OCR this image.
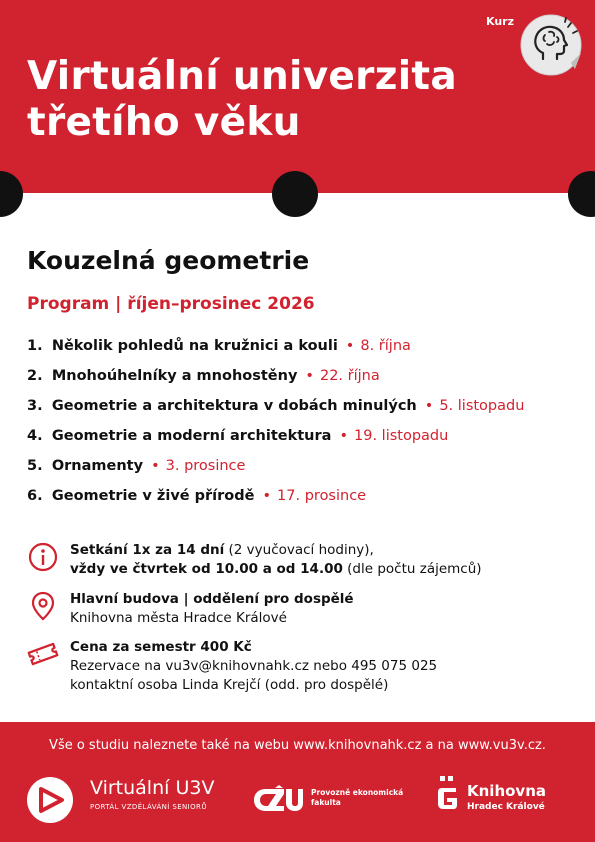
Virtuální univerzita
třetího věku
Kurz
Kouzelná geometrie
Program | říjen–prosinec 2026
1. Několik pohledů na kružnici a kouli • 8. října
2. Mnohoúhelníky a mnohostěny • 22. října
3. Geometrie a architektura v dobách minulých • 5. listopadu
4. Geometrie a moderní architektura • 19. listopadu
5. Ornamenty • 3. prosince
6. Geometrie v živé přírodě • 17. prosince
Setkání 1x za 14 dní (2 vyučovací hodiny),
vždy ve čtvrtek od 10.00 a od 14.00 (dle počtu zájemců)
Hlavní budova | oddělení pro dospělé
Knihovna města Hradce Králové
Cena za semestr 400 Kč
Rezervace na vu3v@knihovnahk.cz nebo 495 075 025
kontaktní osoba Linda Krejčí (odd. pro dospělé)
Vše o studiu naleznete také na webu www.knihovnahk.cz a na www.vu3v.cz.
Virtuální U3V
PORTÁL VZDĚLÁVÁNÍ SENIORŮ
Provozně ekonomická
fakulta
Knihovna
Hradec Králové
